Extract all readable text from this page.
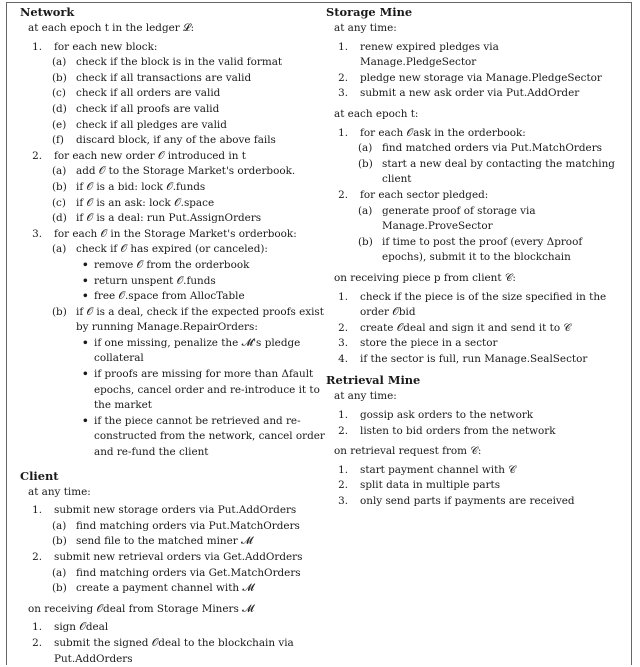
Network
at each epoch t in the ledger 𝓛:
1. for each new block:
(a) check if the block is in the valid format
(b) check if all transactions are valid
(c) check if all orders are valid
(d) check if all proofs are valid
(e) check if all pledges are valid
(f) discard block, if any of the above fails
2. for each new order 𝒪 introduced in t
(a) add 𝒪 to the Storage Market's orderbook.
(b) if 𝒪 is a bid: lock 𝒪.funds
(c) if 𝒪 is an ask: lock 𝒪.space
(d) if 𝒪 is a deal: run Put.AssignOrders
3. for each 𝒪 in the Storage Market's orderbook:
(a) check if 𝒪 has expired (or canceled):
• remove 𝒪 from the orderbook
• return unspent 𝒪.funds
• free 𝒪.space from AllocTable
(b) if 𝒪 is a deal, check if the expected proofs exist by running Manage.RepairOrders:
• if one missing, penalize the 𝓜's pledge collateral
• if proofs are missing for more than Δfault epochs, cancel order and re-introduce it to the market
• if the piece cannot be retrieved and re-constructed from the network, cancel order and re-fund the client
Client
at any time:
1. submit new storage orders via Put.AddOrders
(a) find matching orders via Put.MatchOrders
(b) send file to the matched miner 𝓜
2. submit new retrieval orders via Get.AddOrders
(a) find matching orders via Get.MatchOrders
(b) create a payment channel with 𝓜
on receiving 𝒪deal from Storage Miners 𝓜
1. sign 𝒪deal
2. submit the signed 𝒪deal to the blockchain via Put.AddOrders
Storage Mine
at any time:
1. renew expired pledges via Manage.PledgeSector
2. pledge new storage via Manage.PledgeSector
3. submit a new ask order via Put.AddOrder
at each epoch t:
1. for each 𝒪ask in the orderbook:
(a) find matched orders via Put.MatchOrders
(b) start a new deal by contacting the matching client
2. for each sector pledged:
(a) generate proof of storage via Manage.ProveSector
(b) if time to post the proof (every Δproof epochs), submit it to the blockchain
on receiving piece p from client 𝒞:
1. check if the piece is of the size specified in the order 𝒪bid
2. create 𝒪deal and sign it and send it to 𝒞
3. store the piece in a sector
4. if the sector is full, run Manage.SealSector
Retrieval Mine
at any time:
1. gossip ask orders to the network
2. listen to bid orders from the network
on retrieval request from 𝒞:
1. start payment channel with 𝒞
2. split data in multiple parts
3. only send parts if payments are received
